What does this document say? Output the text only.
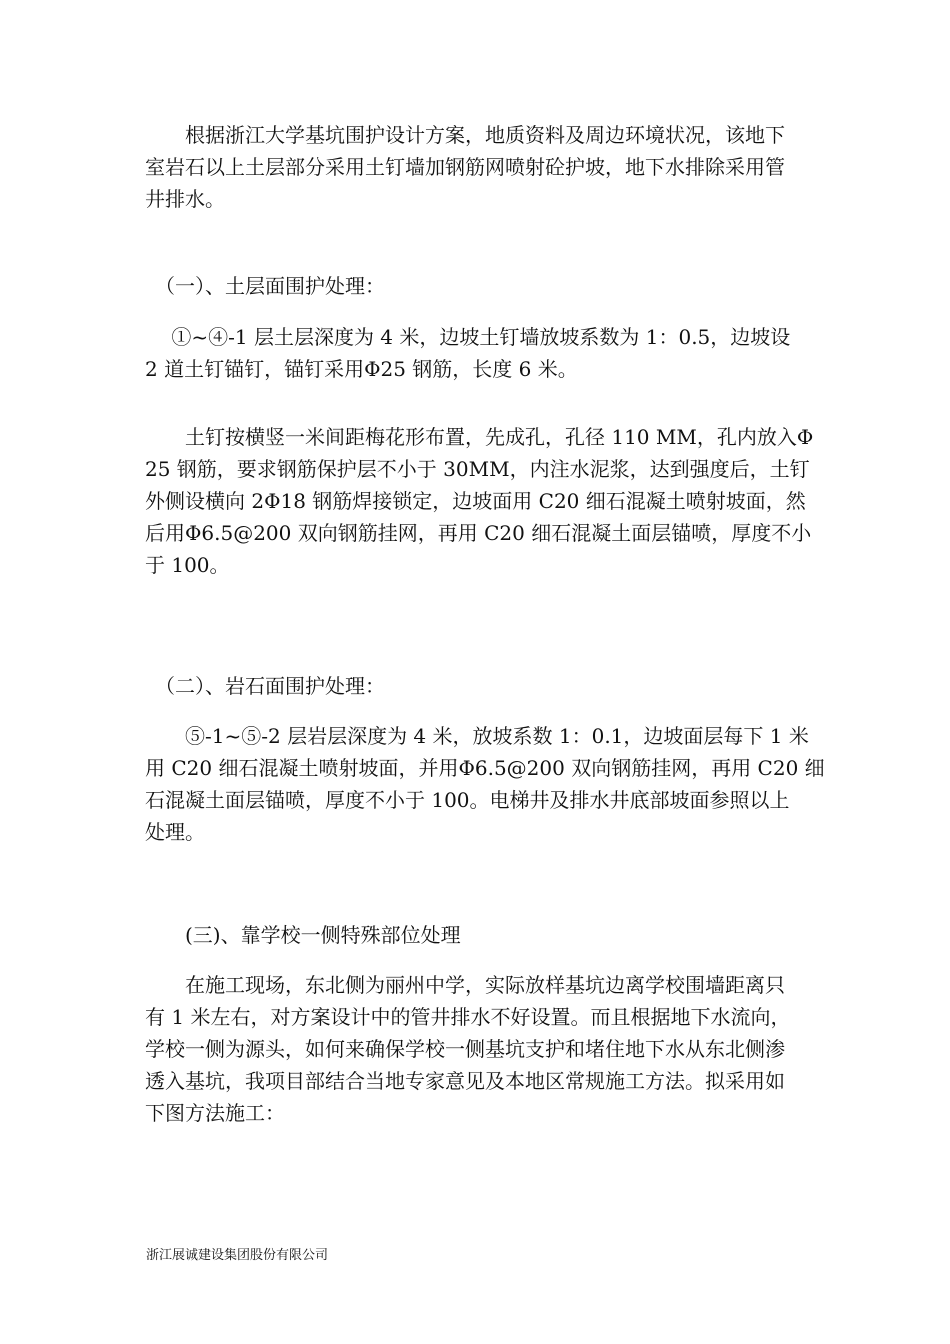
　　根据浙江大学基坑围护设计方案，地质资料及周边环境状况，该地下
室岩石以上土层部分采用土钉墙加钢筋网喷射砼护坡，地下水排除采用管
井排水。
　（一）、土层面围护处理：
　 ①~④-1 层土层深度为 4 米，边坡土钉墙放坡系数为 1：0.5，边坡设
2 道土钉锚钉，锚钉采用Φ25 钢筋，长度 6 米。
　　土钉按横竖一米间距梅花形布置，先成孔，孔径 110 MM，孔内放入Φ
25 钢筋，要求钢筋保护层不小于 30MM，内注水泥浆，达到强度后，土钉
外侧设横向 2Φ18 钢筋焊接锁定，边坡面用 C20 细石混凝土喷射坡面，然
后用Φ6.5@200 双向钢筋挂网，再用 C20 细石混凝土面层锚喷，厚度不小
于 100。
　（二）、岩石面围护处理：
　　⑤-1~⑤-2 层岩层深度为 4 米，放坡系数 1：0.1，边坡面层每下 1 米
用 C20 细石混凝土喷射坡面，并用Φ6.5@200 双向钢筋挂网，再用 C20 细
石混凝土面层锚喷，厚度不小于 100。电梯井及排水井底部坡面参照以上
处理。
　　(三)、靠学校一侧特殊部位处理
　　在施工现场，东北侧为丽州中学，实际放样基坑边离学校围墙距离只
有 1 米左右，对方案设计中的管井排水不好设置。而且根据地下水流向，
学校一侧为源头，如何来确保学校一侧基坑支护和堵住地下水从东北侧渗
透入基坑，我项目部结合当地专家意见及本地区常规施工方法。拟采用如
下图方法施工：
浙江展诚建设集团股份有限公司
